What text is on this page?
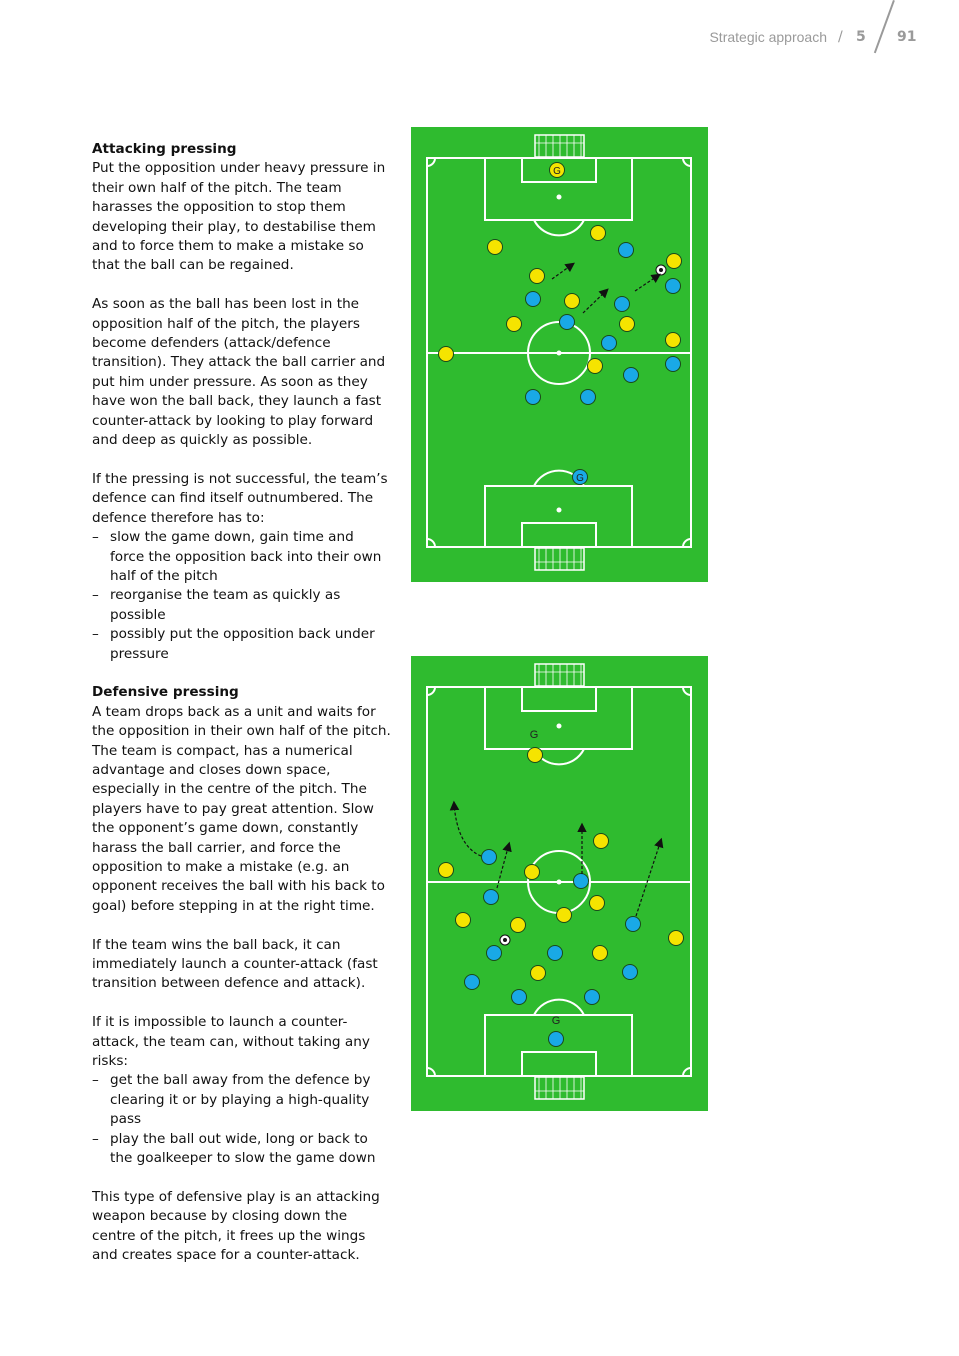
Strategic approach / 5 91

Attacking pressing
Put the opposition under heavy pressure in their own half of the pitch. The team harasses the opposition to stop them developing their play, to destabilise them and to force them to make a mistake so that the ball can be regained.

As soon as the ball has been lost in the opposition half of the pitch, the players become defenders (attack/defence transition). They attack the ball carrier and put him under pressure. As soon as they have won the ball back, they launch a fast counter-attack by looking to play forward and deep as quickly as possible.

If the pressing is not successful, the team’s defence can find itself outnumbered. The defence therefore has to:

– slow the game down, gain time and force the opposition back into their own half of the pitch
– reorganise the team as quickly as possible
– possibly put the opposition back under pressure

Defensive pressing
A team drops back as a unit and waits for the opposition in their own half of the pitch. The team is compact, has a numerical advantage and closes down space, especially in the centre of the pitch. The players have to pay great attention. Slow the opponent’s game down, constantly harass the ball carrier, and force the opposition to make a mistake (e.g. an opponent receives the ball with his back to goal) before stepping in at the right time.

If the team wins the ball back, it can immediately launch a counter-attack (fast transition between defence and attack).

If it is impossible to launch a counter-attack, the team can, without taking any risks:

– get the ball away from the defence by clearing it or by playing a high-quality pass
– play the ball out wide, long or back to the goalkeeper to slow the game down

This type of defensive play is an attacking weapon because by closing down the centre of the pitch, it frees up the wings and creates space for a counter-attack.

G
G
G
G
